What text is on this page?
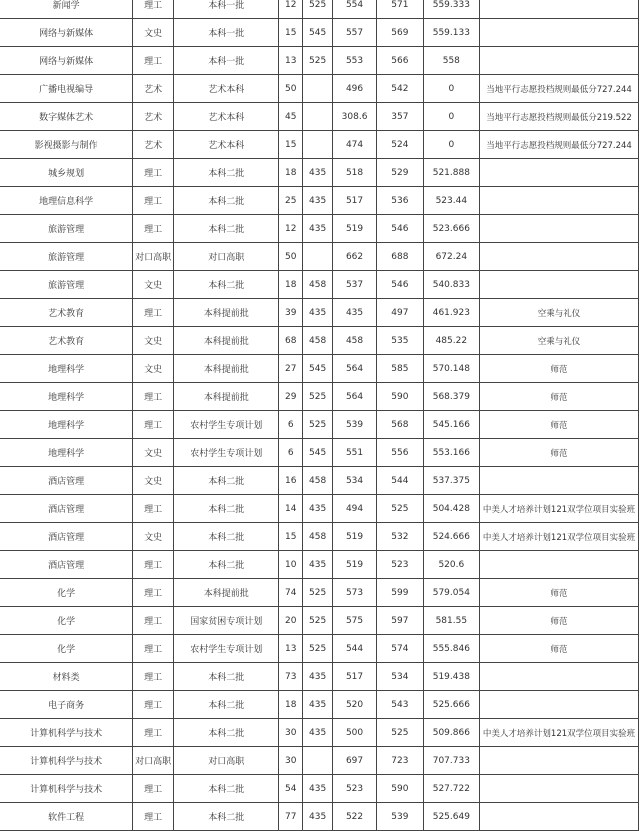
新闻学	理工	本科一批	12	525	554	571	559.333	
网络与新媒体	文史	本科一批	15	545	557	569	559.133	
网络与新媒体	理工	本科一批	13	525	553	566	558	
广播电视编导	艺术	艺术本科	50		496	542	0	当地平行志愿投档规则最低分727.244
数字媒体艺术	艺术	艺术本科	45		308.6	357	0	当地平行志愿投档规则最低分219.522
影视摄影与制作	艺术	艺术本科	15		474	524	0	当地平行志愿投档规则最低分727.244
城乡规划	理工	本科二批	18	435	518	529	521.888	
地理信息科学	理工	本科二批	25	435	517	536	523.44	
旅游管理	理工	本科二批	12	435	519	546	523.666	
旅游管理	对口高职	对口高职	50		662	688	672.24	
旅游管理	文史	本科二批	18	458	537	546	540.833	
艺术教育	理工	本科提前批	39	435	435	497	461.923	空乘与礼仪
艺术教育	文史	本科提前批	68	458	458	535	485.22	空乘与礼仪
地理科学	文史	本科提前批	27	545	564	585	570.148	师范
地理科学	理工	本科提前批	29	525	564	590	568.379	师范
地理科学	理工	农村学生专项计划	6	525	539	568	545.166	师范
地理科学	文史	农村学生专项计划	6	545	551	556	553.166	师范
酒店管理	文史	本科二批	16	458	534	544	537.375	
酒店管理	理工	本科二批	14	435	494	525	504.428	中美人才培养计划121双学位项目实验班
酒店管理	文史	本科二批	15	458	519	532	524.666	中美人才培养计划121双学位项目实验班
酒店管理	理工	本科二批	10	435	519	523	520.6	
化学	理工	本科提前批	74	525	573	599	579.054	师范
化学	理工	国家贫困专项计划	20	525	575	597	581.55	师范
化学	理工	农村学生专项计划	13	525	544	574	555.846	师范
材料类	理工	本科二批	73	435	517	534	519.438	
电子商务	理工	本科二批	18	435	520	543	525.666	
计算机科学与技术	理工	本科二批	30	435	500	525	509.866	中美人才培养计划121双学位项目实验班
计算机科学与技术	对口高职	对口高职	30		697	723	707.733	
计算机科学与技术	理工	本科二批	54	435	523	590	527.722	
软件工程	理工	本科二批	77	435	522	539	525.649	
